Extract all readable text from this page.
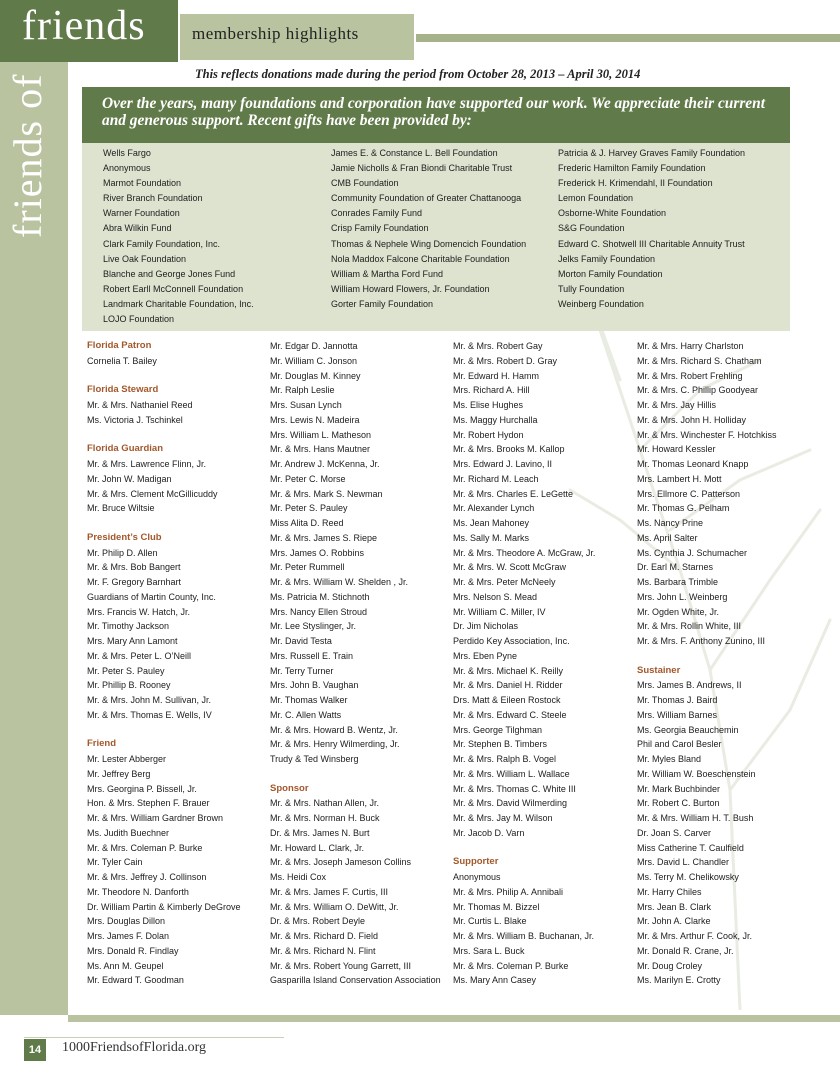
friends
friends of
membership highlights
This reflects donations made during the period from October 28, 2013 – April 30, 2014
Over the years, many foundations and corporation have supported our work. We appreciate their current and generous support. Recent gifts have been provided by:
Wells Fargo
Anonymous
Marmot Foundation
River Branch Foundation
Warner Foundation
Abra Wilkin Fund
Clark Family Foundation, Inc.
Live Oak Foundation
Blanche and George Jones Fund
Robert Earll McConnell Foundation
Landmark Charitable Foundation, Inc.
LOJO Foundation
James E. & Constance L. Bell Foundation
Jamie Nicholls & Fran Biondi Charitable Trust
CMB Foundation
Community Foundation of Greater Chattanooga
Conrades Family Fund
Crisp Family Foundation
Thomas & Nephele Wing Domencich Foundation
Nola Maddox Falcone Charitable Foundation
William & Martha Ford Fund
William Howard Flowers, Jr. Foundation
Gorter Family Foundation
Patricia & J. Harvey Graves Family Foundation
Frederic Hamilton Family Foundation
Frederick H. Krimendahl, II Foundation
Lemon Foundation
Osborne-White Foundation
S&G Foundation
Edward C. Shotwell III Charitable Annuity Trust
Jelks Family Foundation
Morton Family Foundation
Tully Foundation
Weinberg Foundation
Florida Patron
Cornelia T. Bailey
Florida Steward
Mr. & Mrs. Nathaniel Reed
Ms. Victoria J. Tschinkel
Florida Guardian
Mr. & Mrs. Lawrence Flinn, Jr.
Mr. John W. Madigan
Mr. & Mrs. Clement McGillicuddy
Mr. Bruce Wiltsie
President’s Club
Mr. Philip D. Allen
Mr. & Mrs. Bob Bangert
Mr. F. Gregory Barnhart
Guardians of Martin County, Inc.
Mrs. Francis W. Hatch, Jr.
Mr. Timothy Jackson
Mrs. Mary Ann Lamont
Mr. & Mrs. Peter L. O’Neill
Mr. Peter S. Pauley
Mr. Phillip B. Rooney
Mr. & Mrs. John M. Sullivan, Jr.
Mr. & Mrs. Thomas E. Wells, IV
Friend
Mr. Lester Abberger
Mr. Jeffrey Berg
Mrs. Georgina P. Bissell, Jr.
Hon. & Mrs. Stephen F. Brauer
Mr. & Mrs. William Gardner Brown
Ms. Judith Buechner
Mr. & Mrs. Coleman P. Burke
Mr. Tyler Cain
Mr. & Mrs. Jeffrey J. Collinson
Mr. Theodore N. Danforth
Dr. William Partin & Kimberly DeGrove
Mrs. Douglas Dillon
Mrs. James F. Dolan
Mrs. Donald R. Findlay
Ms. Ann M. Geupel
Mr. Edward T. Goodman
Mr. Edgar D. Jannotta
Mr. William C. Jonson
Mr. Douglas M. Kinney
Mr. Ralph Leslie
Mrs. Susan Lynch
Mrs. Lewis N. Madeira
Mrs. William L. Matheson
Mr. & Mrs. Hans Mautner
Mr. Andrew J. McKenna, Jr.
Mr. Peter C. Morse
Mr. & Mrs. Mark S. Newman
Mr. Peter S. Pauley
Miss Alita D. Reed
Mr. & Mrs. James S. Riepe
Mrs. James O. Robbins
Mr. Peter Rummell
Mr. & Mrs. William W. Shelden , Jr.
Ms. Patricia M. Stichnoth
Mrs. Nancy Ellen Stroud
Mr. Lee Styslinger, Jr.
Mr. David Testa
Mrs. Russell E. Train
Mr. Terry Turner
Mrs. John B. Vaughan
Mr. Thomas Walker
Mr. C. Allen Watts
Mr. & Mrs. Howard B. Wentz, Jr.
Mr. & Mrs. Henry Wilmerding, Jr.
Trudy & Ted Winsberg
Sponsor
Mr. & Mrs. Nathan Allen, Jr.
Mr. & Mrs. Norman H. Buck
Dr. & Mrs. James N. Burt
Mr. Howard L. Clark, Jr.
Mr. & Mrs. Joseph Jameson Collins
Ms. Heidi Cox
Mr. & Mrs. James F. Curtis, III
Mr. & Mrs. William O. DeWitt, Jr.
Dr. & Mrs. Robert Deyle
Mr. & Mrs. Richard D. Field
Mr. & Mrs. Richard N. Flint
Mr. & Mrs. Robert Young Garrett, III
Gasparilla Island Conservation Association
Mr. & Mrs. Robert Gay
Mr. & Mrs. Robert D. Gray
Mr. Edward H. Hamm
Mrs. Richard A. Hill
Ms. Elise Hughes
Ms. Maggy Hurchalla
Mr. Robert Hydon
Mr. & Mrs. Brooks M. Kallop
Mrs. Edward J. Lavino, II
Mr. Richard M. Leach
Mr. & Mrs. Charles E. LeGette
Mr. Alexander Lynch
Ms. Jean Mahoney
Ms. Sally M. Marks
Mr. & Mrs. Theodore A. McGraw, Jr.
Mr. & Mrs. W. Scott McGraw
Mr. & Mrs. Peter McNeely
Mrs. Nelson S. Mead
Mr. William C. Miller, IV
Dr. Jim Nicholas
Perdido Key Association, Inc.
Mrs. Eben Pyne
Mr. & Mrs. Michael K. Reilly
Mr. & Mrs. Daniel H. Ridder
Drs. Matt & Eileen Rostock
Mr. & Mrs. Edward C. Steele
Mrs. George Tilghman
Mr. Stephen B. Timbers
Mr. & Mrs. Ralph B. Vogel
Mr. & Mrs. William L. Wallace
Mr. & Mrs. Thomas C. White III
Mr. & Mrs. David Wilmerding
Mr. & Mrs. Jay M. Wilson
Mr. Jacob D. Varn
Supporter
Anonymous
Mr. & Mrs. Philip A. Annibali
Mr. Thomas M. Bizzel
Mr. Curtis L. Blake
Mr. & Mrs. William B. Buchanan, Jr.
Mrs. Sara L. Buck
Mr. & Mrs. Coleman P. Burke
Ms. Mary Ann Casey
Mr. & Mrs. Harry Charlston
Mr. & Mrs. Richard S. Chatham
Mr. & Mrs. Robert Frehling
Mr. & Mrs. C. Phillip Goodyear
Mr. & Mrs. Jay Hillis
Mr. & Mrs. John H. Holliday
Mr. & Mrs. Winchester F. Hotchkiss
Mr. Howard Kessler
Mr. Thomas Leonard Knapp
Mrs. Lambert H. Mott
Mrs. Ellmore C. Patterson
Mr. Thomas G. Pelham
Ms. Nancy Prine
Ms. April Salter
Ms. Cynthia J. Schumacher
Dr. Earl M. Starnes
Ms. Barbara Trimble
Mrs. John L. Weinberg
Mr. Ogden White, Jr.
Mr. & Mrs. Rollin White, III
Mr. & Mrs. F. Anthony Zunino, III
Sustainer
Mrs. James B. Andrews, II
Mr. Thomas J. Baird
Mrs. William Barnes
Ms. Georgia Beauchemin
Phil and Carol Besler
Mr. Myles Bland
Mr. William W. Boeschenstein
Mr. Mark Buchbinder
Mr. Robert C. Burton
Mr. & Mrs. William H. T. Bush
Dr. Joan S. Carver
Miss Catherine T. Caulfield
Mrs. David L. Chandler
Ms. Terry M. Chelikowsky
Mr. Harry Chiles
Mrs. Jean B. Clark
Mr. John A. Clarke
Mr. & Mrs. Arthur F. Cook, Jr.
Mr. Donald R. Crane, Jr.
Mr. Doug Croley
Ms. Marilyn E. Crotty
14	1000FriendsofFlorida.org
